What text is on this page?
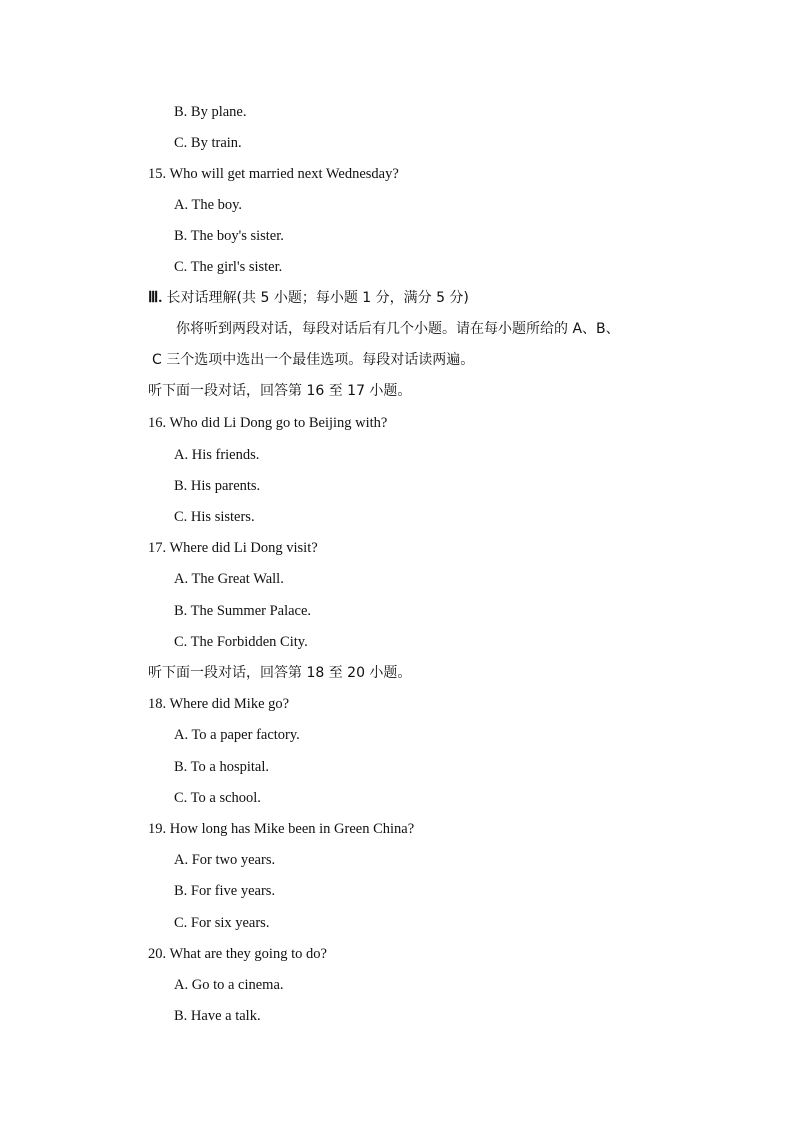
B. By plane.
C. By train.
15. Who will get married next Wednesday?
A. The boy.
B. The boy's sister.
C. The girl's sister.
Ⅲ. 长对话理解(共 5 小题；每小题 1 分，满分 5 分)
你将听到两段对话，每段对话后有几个小题。请在每小题所给的 A、B、
C 三个选项中选出一个最佳选项。每段对话读两遍。
听下面一段对话，回答第 16 至 17 小题。
16. Who did Li Dong go to Beijing with?
A. His friends.
B. His parents.
C. His sisters.
17. Where did Li Dong visit?
A. The Great Wall.
B. The Summer Palace.
C. The Forbidden City.
听下面一段对话，回答第 18 至 20 小题。
18. Where did Mike go?
A. To a paper factory.
B. To a hospital.
C. To a school.
19. How long has Mike been in Green China?
A. For two years.
B. For five years.
C. For six years.
20. What are they going to do?
A. Go to a cinema.
B. Have a talk.
